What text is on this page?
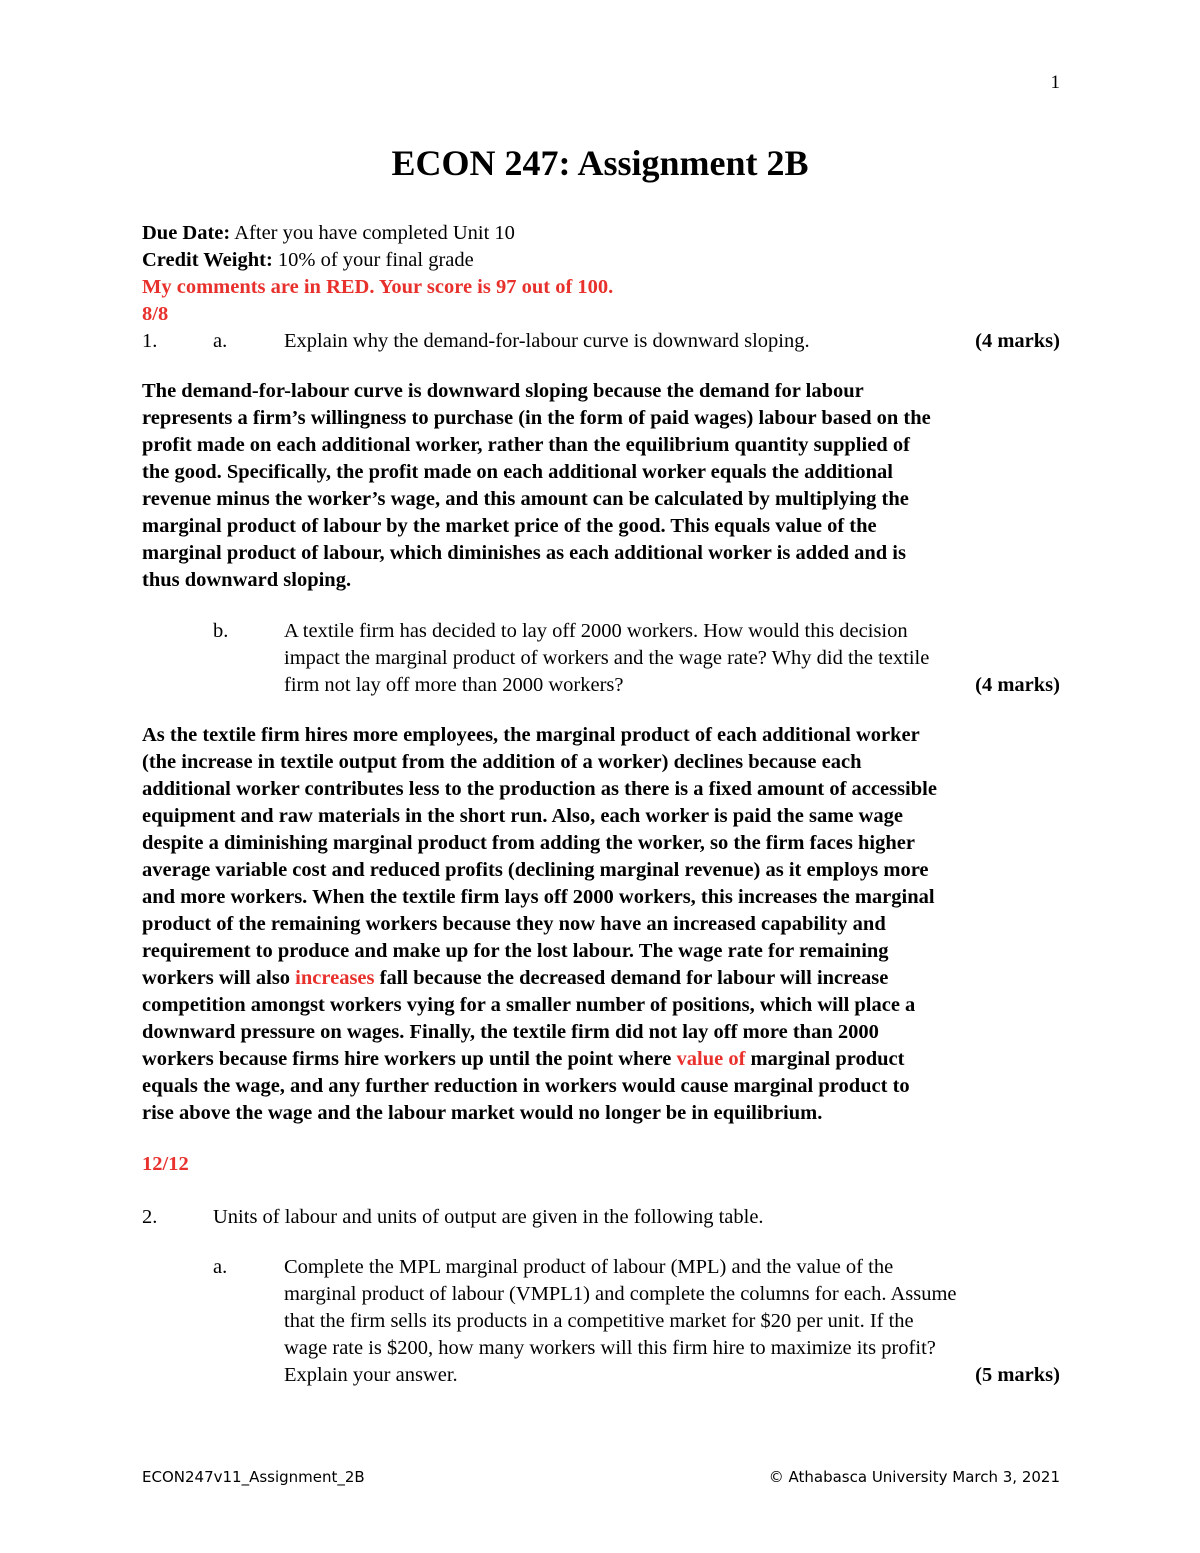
1
ECON 247: Assignment 2B
Due Date: After you have completed Unit 10
Credit Weight: 10% of your final grade
My comments are in RED. Your score is 97 out of 100.
8/8
1.	a.	Explain why the demand-for-labour curve is downward sloping.	(4 marks)
The demand-for-labour curve is downward sloping because the demand for labour
represents a firm’s willingness to purchase (in the form of paid wages) labour based on the
profit made on each additional worker, rather than the equilibrium quantity supplied of
the good. Specifically, the profit made on each additional worker equals the additional
revenue minus the worker’s wage, and this amount can be calculated by multiplying the
marginal product of labour by the market price of the good. This equals value of the
marginal product of labour, which diminishes as each additional worker is added and is
thus downward sloping.
b.	A textile firm has decided to lay off 2000 workers. How would this decision
impact the marginal product of workers and the wage rate? Why did the textile
firm not lay off more than 2000 workers?	(4 marks)
As the textile firm hires more employees, the marginal product of each additional worker
(the increase in textile output from the addition of a worker) declines because each
additional worker contributes less to the production as there is a fixed amount of accessible
equipment and raw materials in the short run. Also, each worker is paid the same wage
despite a diminishing marginal product from adding the worker, so the firm faces higher
average variable cost and reduced profits (declining marginal revenue) as it employs more
and more workers. When the textile firm lays off 2000 workers, this increases the marginal
product of the remaining workers because they now have an increased capability and
requirement to produce and make up for the lost labour. The wage rate for remaining
workers will also increases fall because the decreased demand for labour will increase
competition amongst workers vying for a smaller number of positions, which will place a
downward pressure on wages. Finally, the textile firm did not lay off more than 2000
workers because firms hire workers up until the point where value of marginal product
equals the wage, and any further reduction in workers would cause marginal product to
rise above the wage and the labour market would no longer be in equilibrium.
12/12
2.	Units of labour and units of output are given in the following table.
a.	Complete the MPL marginal product of labour (MPL) and the value of the
marginal product of labour (VMPL1) and complete the columns for each. Assume
that the firm sells its products in a competitive market for $20 per unit. If the
wage rate is $200, how many workers will this firm hire to maximize its profit?
Explain your answer.	(5 marks)
ECON247v11_Assignment_2B	© Athabasca University March 3, 2021
